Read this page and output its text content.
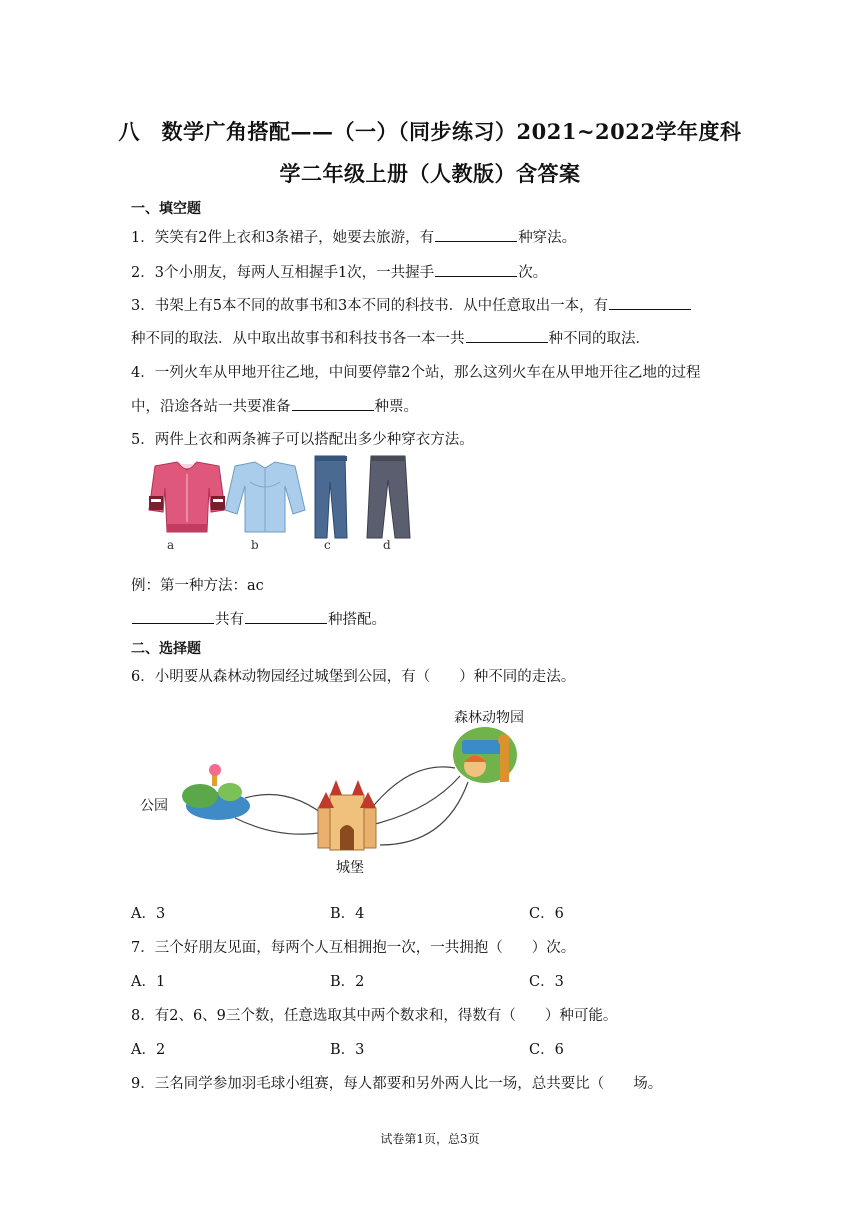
八　数学广角搭配——（一）（同步练习）2021~2022学年度科
学二年级上册（人教版）含答案
一、填空题
1．笑笑有2件上衣和3条裙子，她要去旅游，有	种穿法。
2．3个小朋友，每两人互相握手1次，一共握手	次。
3．书架上有5本不同的故事书和3本不同的科技书．从中任意取出一本，有
种不同的取法．从中取出故事书和科技书各一本一共	种不同的取法．
4．一列火车从甲地开往乙地，中间要停靠2个站，那么这列火车在从甲地开往乙地的过程
中，沿途各站一共要准备	种票。
5．两件上衣和两条裤子可以搭配出多少种穿衣方法。
a	b	c	d
例：第一种方法：ac
共有	种搭配。
二、选择题
6．小明要从森林动物园经过城堡到公园，有（　　）种不同的走法。
森林动物园
公园
城堡
A．3	B．4	C．6
7．三个好朋友见面，每两个人互相拥抱一次，一共拥抱（　　）次。
A．1	B．2	C．3
8．有2、6、9三个数，任意选取其中两个数求和，得数有（　　）种可能。
A．2	B．3	C．6
9．三名同学参加羽毛球小组赛，每人都要和另外两人比一场，总共要比（　　场。
试卷第1页，总3页
